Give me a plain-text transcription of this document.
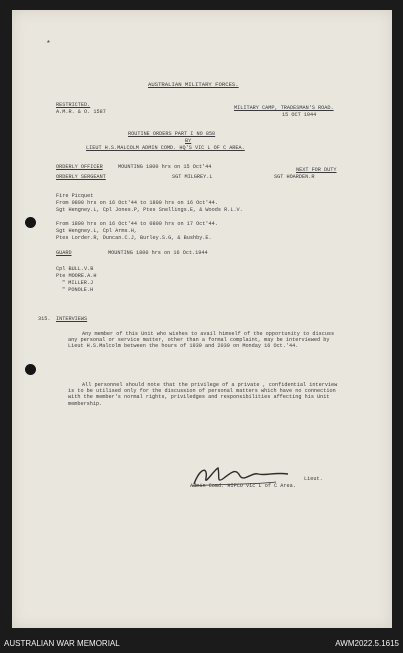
*
AUSTRALIAN MILITARY FORCES.
RESTRICTED.
A.M.R. & O. 1587
MILITARY CAMP, TRADESMAN'S ROAD.
15 OCT 1944
ROUTINE ORDERS PART I NO 850
BY
LIEUT H.S.MALCOLM ADMIN COMD. HQ'S VIC L OF C AREA.
ORDERLY OFFICER	MOUNTING 1800 hrs on 15 Oct'44	NEXT FOR DUTY
ORDERLY SERGEANT	SGT MILGREY.L	SGT HOARDEN.R
Fire Picquet
From 0800 hrs on 16 Oct'44 to 1800 hrs on 16 Oct'44.
Sgt Hengney.L, Cpl Jones.P, Ptes Snellings.E, & Woods R.L.V.
From 1800 hrs on 16 Oct'44 to 0800 hrs on 17 Oct'44.
Sgt Hengney.L, Cpl Arms.H,
Ptes Lorder.R, Duncan.C.J, Burley.S.G, & Bushby.E.
GUARD	MOUNTING 1800 hrs on 16 Oct.1944
Cpl BULL.V.B
Pte MOORE.A.H
" MILLER.J
" PONOLE.H
315. INTERVIEWS
Any member of this Unit who wishes to avail himself of the opportunity to discuss any personal or service matter, other than a formal complaint, may be interviewed by Lieut H.S.Malcolm between the hours of 1930 and 2030 on Monday 16 Oct.'44.
All personnel should note that the privilege of a private , confidential interview is to be utilised only for the discussion of personal matters which have no connection with the member's normal rights, priviledges and responsibilities affecting his Unit membership.
Lieut.
Admin Comd. HIPCO Vic L of C Area.
AUSTRALIAN WAR MEMORIAL	AWM2022.5.1615
